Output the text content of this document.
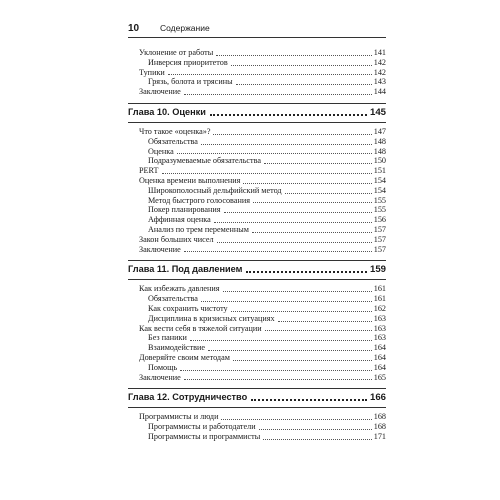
10	Содержание
Уклонение от работы	141
Инверсия приоритетов	142
Тупики	142
Грязь, болота и трясины	143
Заключение	144
Глава 10. Оценки	145
Что такое «оценка»?	147
Обязательства	148
Оценка	148
Подразумеваемые обязательства	150
PERT	151
Оценка времени выполнения	154
Широкополосный дельфийский метод	154
Метод быстрого голосования	155
Покер планирования	155
Аффинная оценка	156
Анализ по трем переменным	157
Закон больших чисел	157
Заключение	157
Глава 11. Под давлением	159
Как избежать давления	161
Обязательства	161
Как сохранить чистоту	162
Дисциплина в кризисных ситуациях	163
Как вести себя в тяжелой ситуации	163
Без паники	163
Взаимодействие	164
Доверяйте своим методам	164
Помощь	164
Заключение	165
Глава 12. Сотрудничество	166
Программисты и люди	168
Программисты и работодатели	168
Программисты и программисты	171
